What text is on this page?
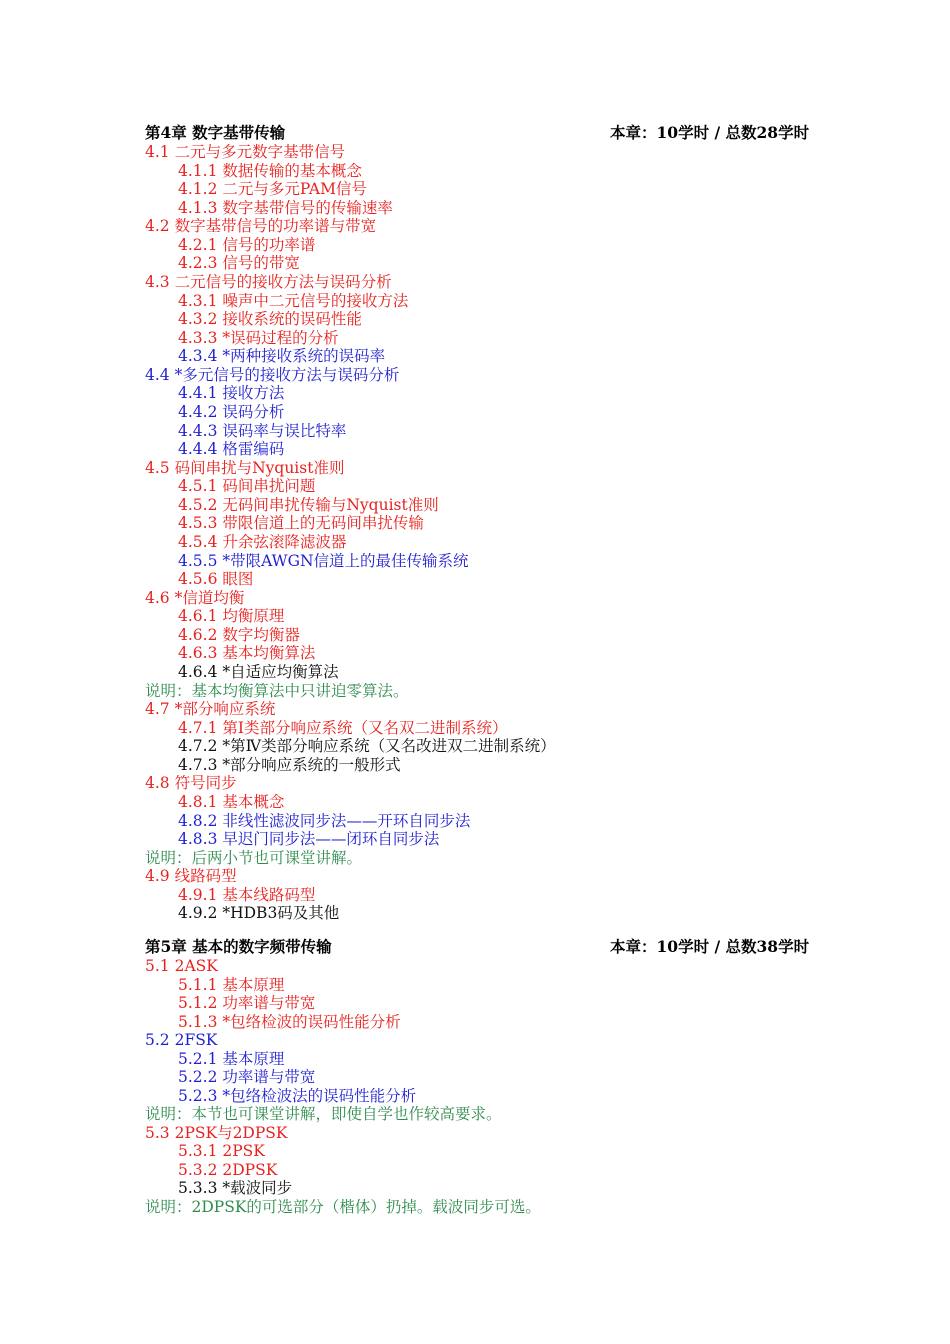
第4章 数字基带传输	本章：10学时 / 总数28学时
4.1 二元与多元数字基带信号
4.1.1 数据传输的基本概念
4.1.2 二元与多元PAM信号
4.1.3 数字基带信号的传输速率
4.2 数字基带信号的功率谱与带宽
4.2.1 信号的功率谱
4.2.3 信号的带宽
4.3 二元信号的接收方法与误码分析
4.3.1 噪声中二元信号的接收方法
4.3.2 接收系统的误码性能
4.3.3 *误码过程的分析
4.3.4 *两种接收系统的误码率
4.4 *多元信号的接收方法与误码分析
4.4.1 接收方法
4.4.2 误码分析
4.4.3 误码率与误比特率
4.4.4 格雷编码
4.5 码间串扰与Nyquist准则
4.5.1 码间串扰问题
4.5.2 无码间串扰传输与Nyquist准则
4.5.3 带限信道上的无码间串扰传输
4.5.4 升余弦滚降滤波器
4.5.5 *带限AWGN信道上的最佳传输系统
4.5.6 眼图
4.6 *信道均衡
4.6.1 均衡原理
4.6.2 数字均衡器
4.6.3 基本均衡算法
4.6.4 *自适应均衡算法
说明：基本均衡算法中只讲迫零算法。
4.7 *部分响应系统
4.7.1 第Ⅰ类部分响应系统（又名双二进制系统）
4.7.2 *第Ⅳ类部分响应系统（又名改进双二进制系统）
4.7.3 *部分响应系统的一般形式
4.8 符号同步
4.8.1 基本概念
4.8.2 非线性滤波同步法——开环自同步法
4.8.3 早迟门同步法——闭环自同步法
说明：后两小节也可课堂讲解。
4.9 线路码型
4.9.1 基本线路码型
4.9.2 *HDB3码及其他
第5章 基本的数字频带传输	本章：10学时 / 总数38学时
5.1 2ASK
5.1.1 基本原理
5.1.2 功率谱与带宽
5.1.3 *包络检波的误码性能分析
5.2 2FSK
5.2.1 基本原理
5.2.2 功率谱与带宽
5.2.3 *包络检波法的误码性能分析
说明：本节也可课堂讲解，即使自学也作较高要求。
5.3 2PSK与2DPSK
5.3.1 2PSK
5.3.2 2DPSK
5.3.3 *载波同步
说明：2DPSK的可选部分（楷体）扔掉。载波同步可选。
